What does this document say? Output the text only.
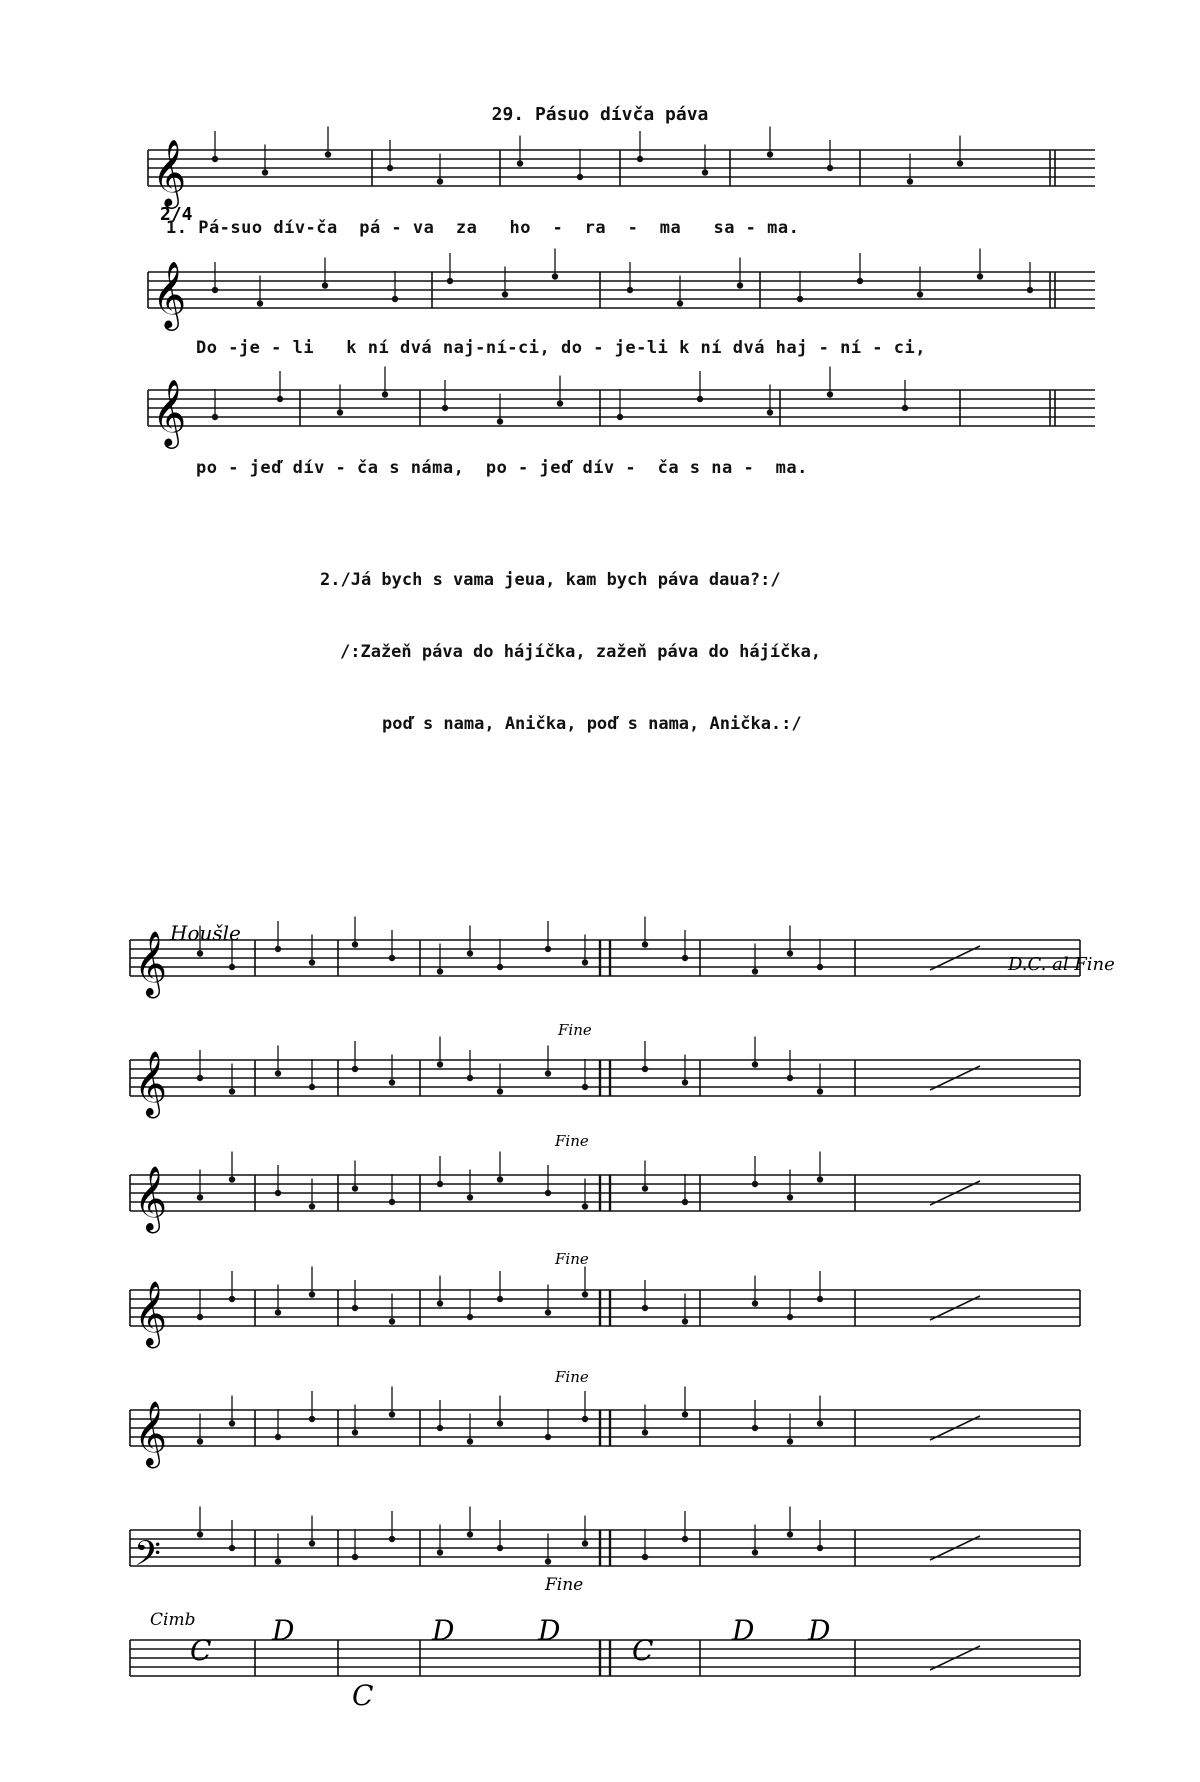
29. Pásuo dívča páva
1. Pá-suo dív-ča  pá - va  za   ho  -  ra  -  ma   sa - ma.
Do -je - li   k ní dvá naj-ní-ci, do - je-li k ní dvá haj - ní - ci,
po - jeď dív - ča s náma,  po - jeď dív -  ča s na -  ma.

2./Já bych s vama jeua, kam bych páva daua?:/

/:Zažeň páva do hájíčka, zažeň páva do hájíčka,

poď s nama, Anička, poď s nama, Anička.:/

𝄞
𝄞
𝄞
2/4
𝄞
𝄞
𝄞
𝄞
𝄞
𝄢
Houšle
D.C. al Fine
Fine
Fine
Fine
Fine
Fine
Cimb
C
D
C
D	D
C
D D
